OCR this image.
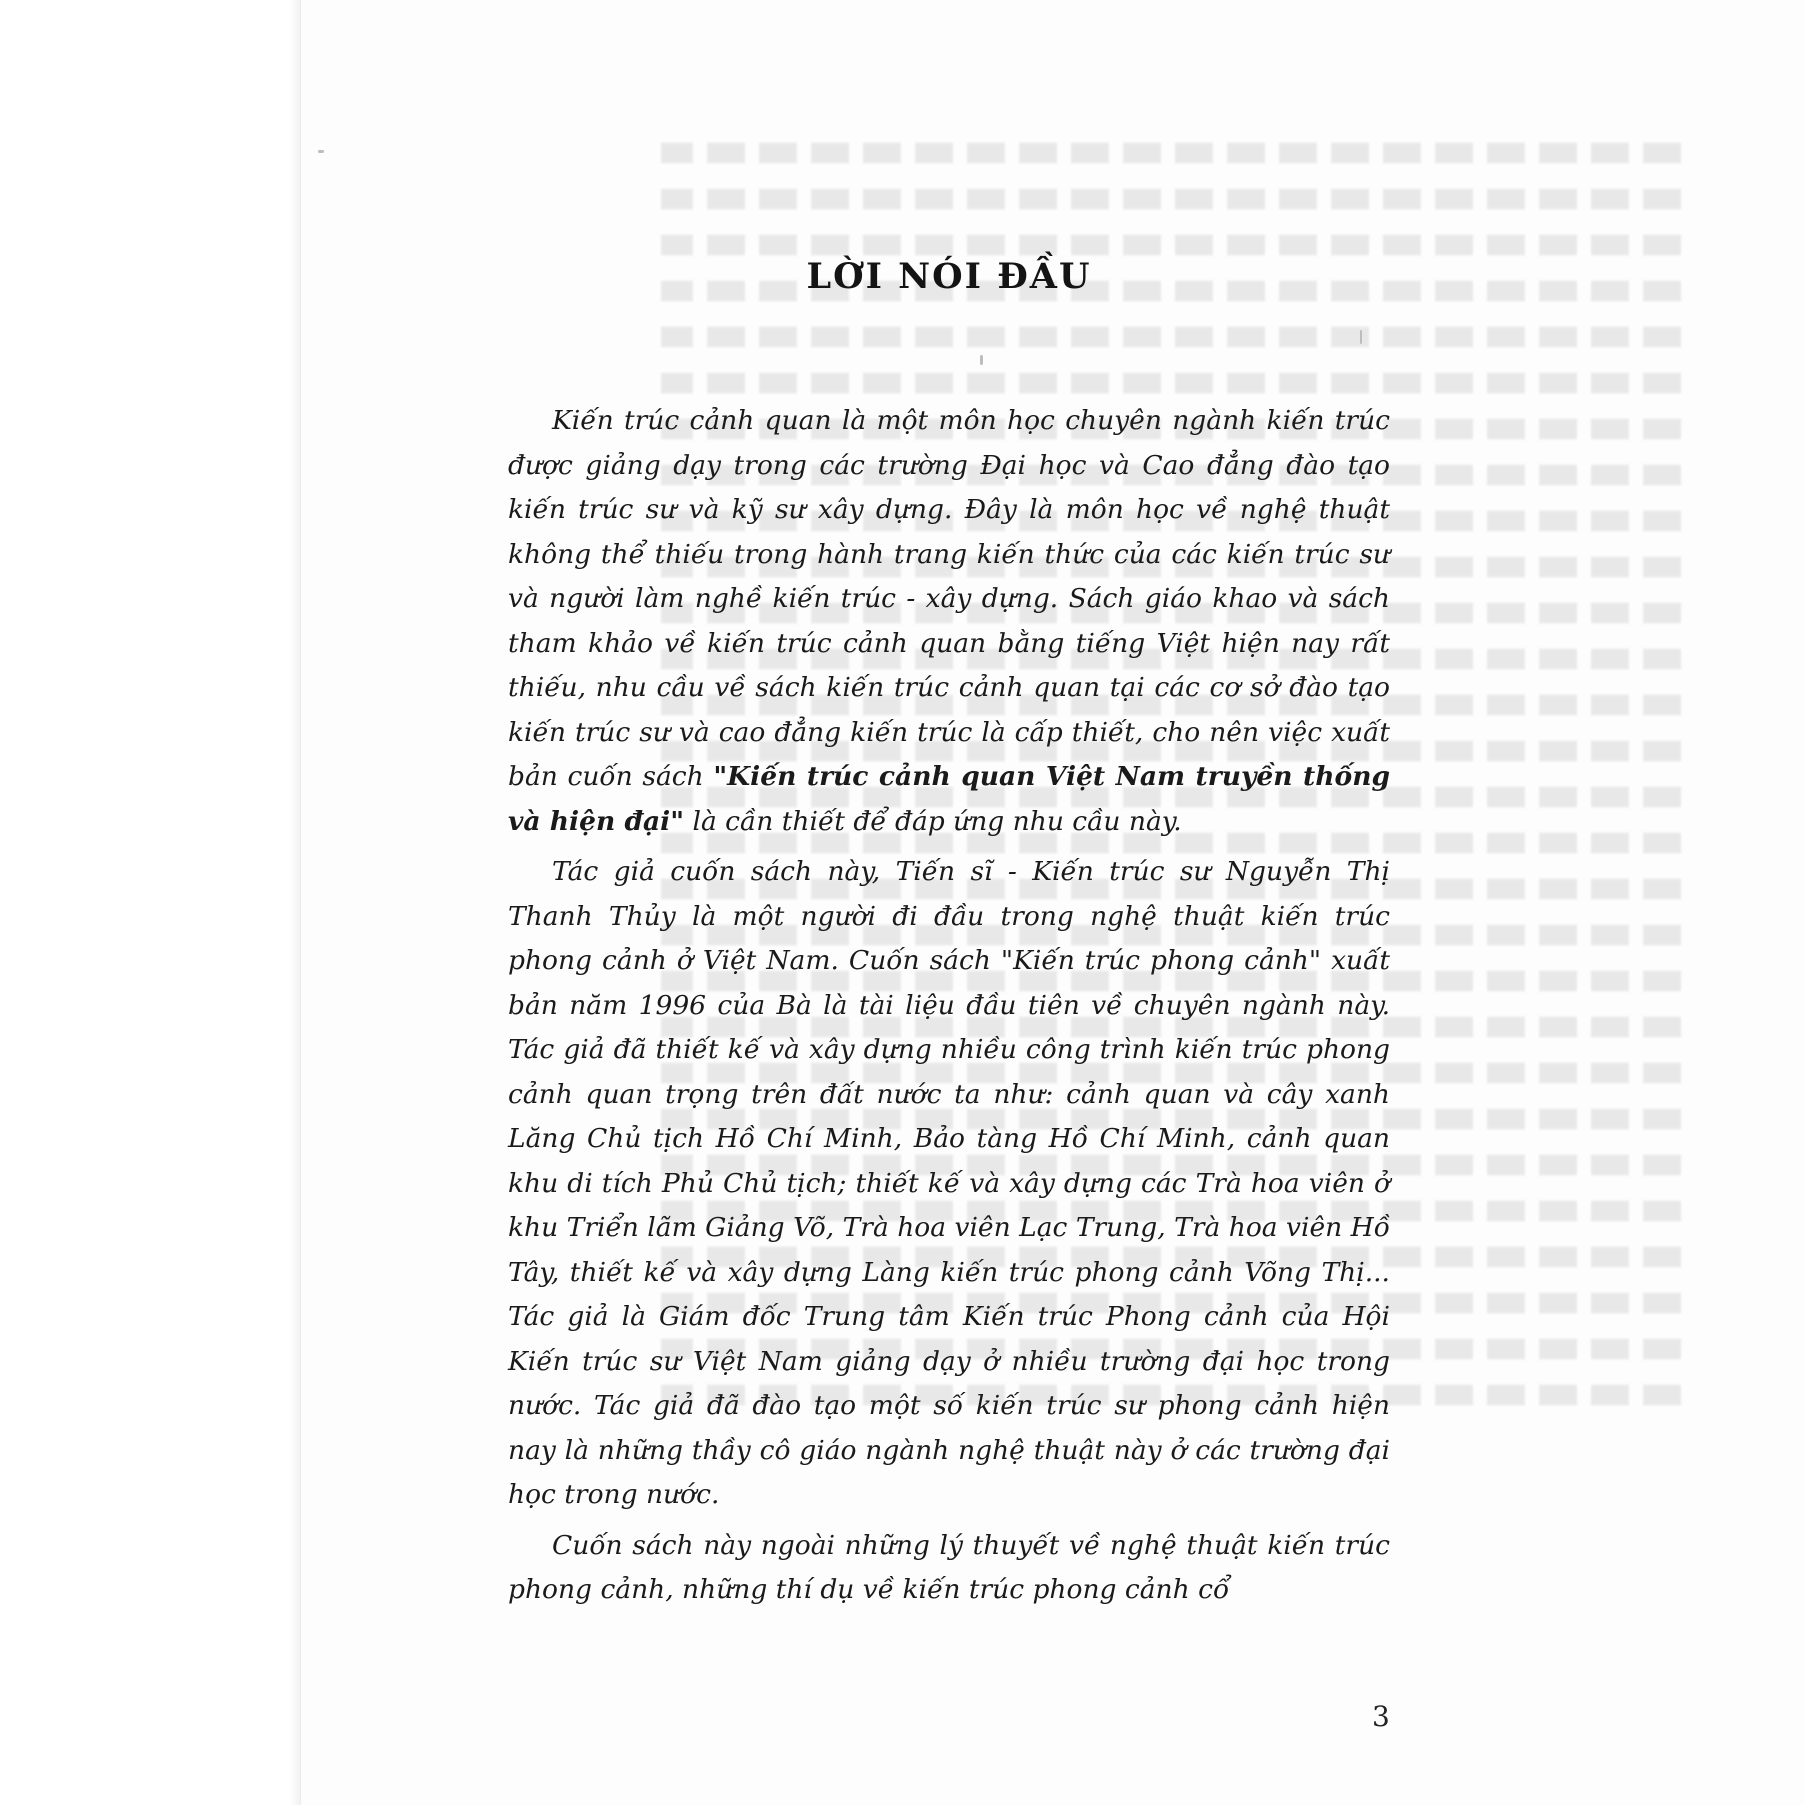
LỜI NÓI ĐẦU

Kiến trúc cảnh quan là một môn học chuyên ngành kiến trúc được giảng dạy trong các trường Đại học và Cao đẳng đào tạo kiến trúc sư và kỹ sư xây dựng. Đây là môn học về nghệ thuật không thể thiếu trong hành trang kiến thức của các kiến trúc sư và người làm nghề kiến trúc - xây dựng. Sách giáo khao và sách tham khảo về kiến trúc cảnh quan bằng tiếng Việt hiện nay rất thiếu, nhu cầu về sách kiến trúc cảnh quan tại các cơ sở đào tạo kiến trúc sư và cao đẳng kiến trúc là cấp thiết, cho nên việc xuất bản cuốn sách "Kiến trúc cảnh quan Việt Nam truyền thống và hiện đại" là cần thiết để đáp ứng nhu cầu này.

Tác giả cuốn sách này, Tiến sĩ - Kiến trúc sư Nguyễn Thị Thanh Thủy là một người đi đầu trong nghệ thuật kiến trúc phong cảnh ở Việt Nam. Cuốn sách "Kiến trúc phong cảnh" xuất bản năm 1996 của Bà là tài liệu đầu tiên về chuyên ngành này. Tác giả đã thiết kế và xây dựng nhiều công trình kiến trúc phong cảnh quan trọng trên đất nước ta như: cảnh quan và cây xanh Lăng Chủ tịch Hồ Chí Minh, Bảo tàng Hồ Chí Minh, cảnh quan khu di tích Phủ Chủ tịch; thiết kế và xây dựng các Trà hoa viên ở khu Triển lãm Giảng Võ, Trà hoa viên Lạc Trung, Trà hoa viên Hồ Tây, thiết kế và xây dựng Làng kiến trúc phong cảnh Võng Thị... Tác giả là Giám đốc Trung tâm Kiến trúc Phong cảnh của Hội Kiến trúc sư Việt Nam giảng dạy ở nhiều trường đại học trong nước. Tác giả đã đào tạo một số kiến trúc sư phong cảnh hiện nay là những thầy cô giáo ngành nghệ thuật này ở các trường đại học trong nước.

Cuốn sách này ngoài những lý thuyết về nghệ thuật kiến trúc phong cảnh, những thí dụ về kiến trúc phong cảnh cổ

3
